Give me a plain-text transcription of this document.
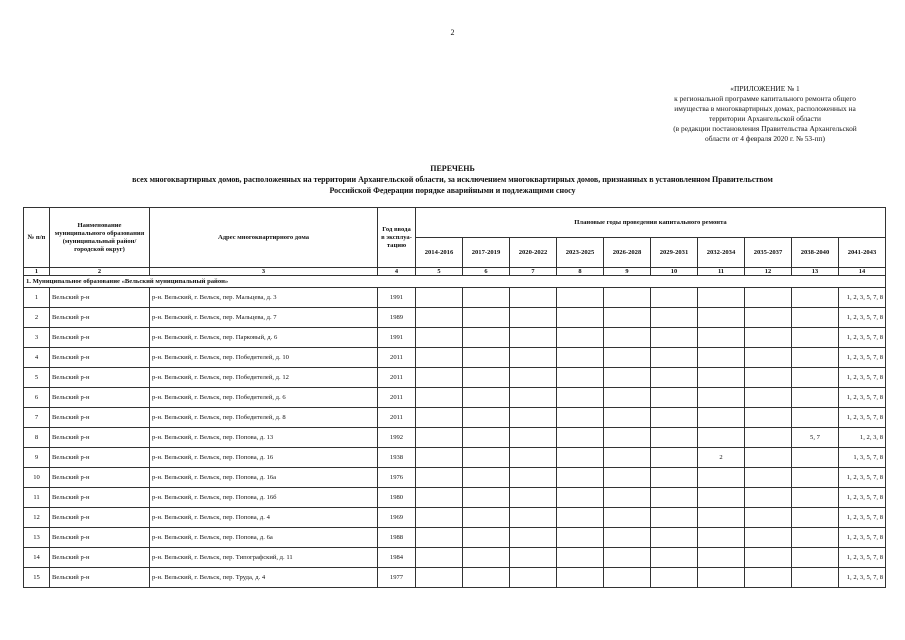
2
«ПРИЛОЖЕНИЕ № 1
к региональной программе капитального ремонта общего
имущества в многоквартирных домах, расположенных на
территории Архангельской области
(в редакции постановления Правительства Архангельской
области от 4 февраля 2020 г. № 53-пп)
ПЕРЕЧЕНЬ
всех многоквартирных домов, расположенных на территории Архангельской области, за исключением многоквартирных домов, признанных в установленном Правительством
Российской Федерации порядке аварийными и подлежащими сносу
№ п/п	Наименование муниципального образования (муниципальный район/городской округ)	Адрес многоквартирного дома	Год ввода в эксплуа-тацию	Плановые годы проведения капитального ремонта									
				2014-2016	2017-2019	2020-2022	2023-2025	2026-2028	2029-2031	2032-2034	2035-2037	2038-2040	2041-2043
1	2	3	4	5	6	7	8	9	10	11	12	13	14
1. Муниципальное образование «Вельский муниципальный район»													
1	Вельский р-н	р-н. Вельский, г. Вельск, пер. Мальцева, д. 3	1991										1, 2, 3, 5, 7, 8
2	Вельский р-н	р-н. Вельский, г. Вельск, пер. Мальцева, д. 7	1989										1, 2, 3, 5, 7, 8
3	Вельский р-н	р-н. Вельский, г. Вельск, пер. Парковый, д. 6	1991										1, 2, 3, 5, 7, 8
4	Вельский р-н	р-н. Вельский, г. Вельск, пер. Победителей, д. 10	2011										1, 2, 3, 5, 7, 8
5	Вельский р-н	р-н. Вельский, г. Вельск, пер. Победителей, д. 12	2011										1, 2, 3, 5, 7, 8
6	Вельский р-н	р-н. Вельский, г. Вельск, пер. Победителей, д. 6	2011										1, 2, 3, 5, 7, 8
7	Вельский р-н	р-н. Вельский, г. Вельск, пер. Победителей, д. 8	2011										1, 2, 3, 5, 7, 8
8	Вельский р-н	р-н. Вельский, г. Вельск, пер. Попова, д. 13	1992									5, 7	1, 2, 3, 8
9	Вельский р-н	р-н. Вельский, г. Вельск, пер. Попова, д. 16	1938							2			1, 3, 5, 7, 8
10	Вельский р-н	р-н. Вельский, г. Вельск, пер. Попова, д. 16а	1976										1, 2, 3, 5, 7, 8
11	Вельский р-н	р-н. Вельский, г. Вельск, пер. Попова, д. 16б	1980										1, 2, 3, 5, 7, 8
12	Вельский р-н	р-н. Вельский, г. Вельск, пер. Попова, д. 4	1969										1, 2, 3, 5, 7, 8
13	Вельский р-н	р-н. Вельский, г. Вельск, пер. Попова, д. 6а	1988										1, 2, 3, 5, 7, 8
14	Вельский р-н	р-н. Вельский, г. Вельск, пер. Типографский, д. 11	1984										1, 2, 3, 5, 7, 8
15	Вельский р-н	р-н. Вельский, г. Вельск, пер. Труда, д. 4	1977										1, 2, 3, 5, 7, 8
